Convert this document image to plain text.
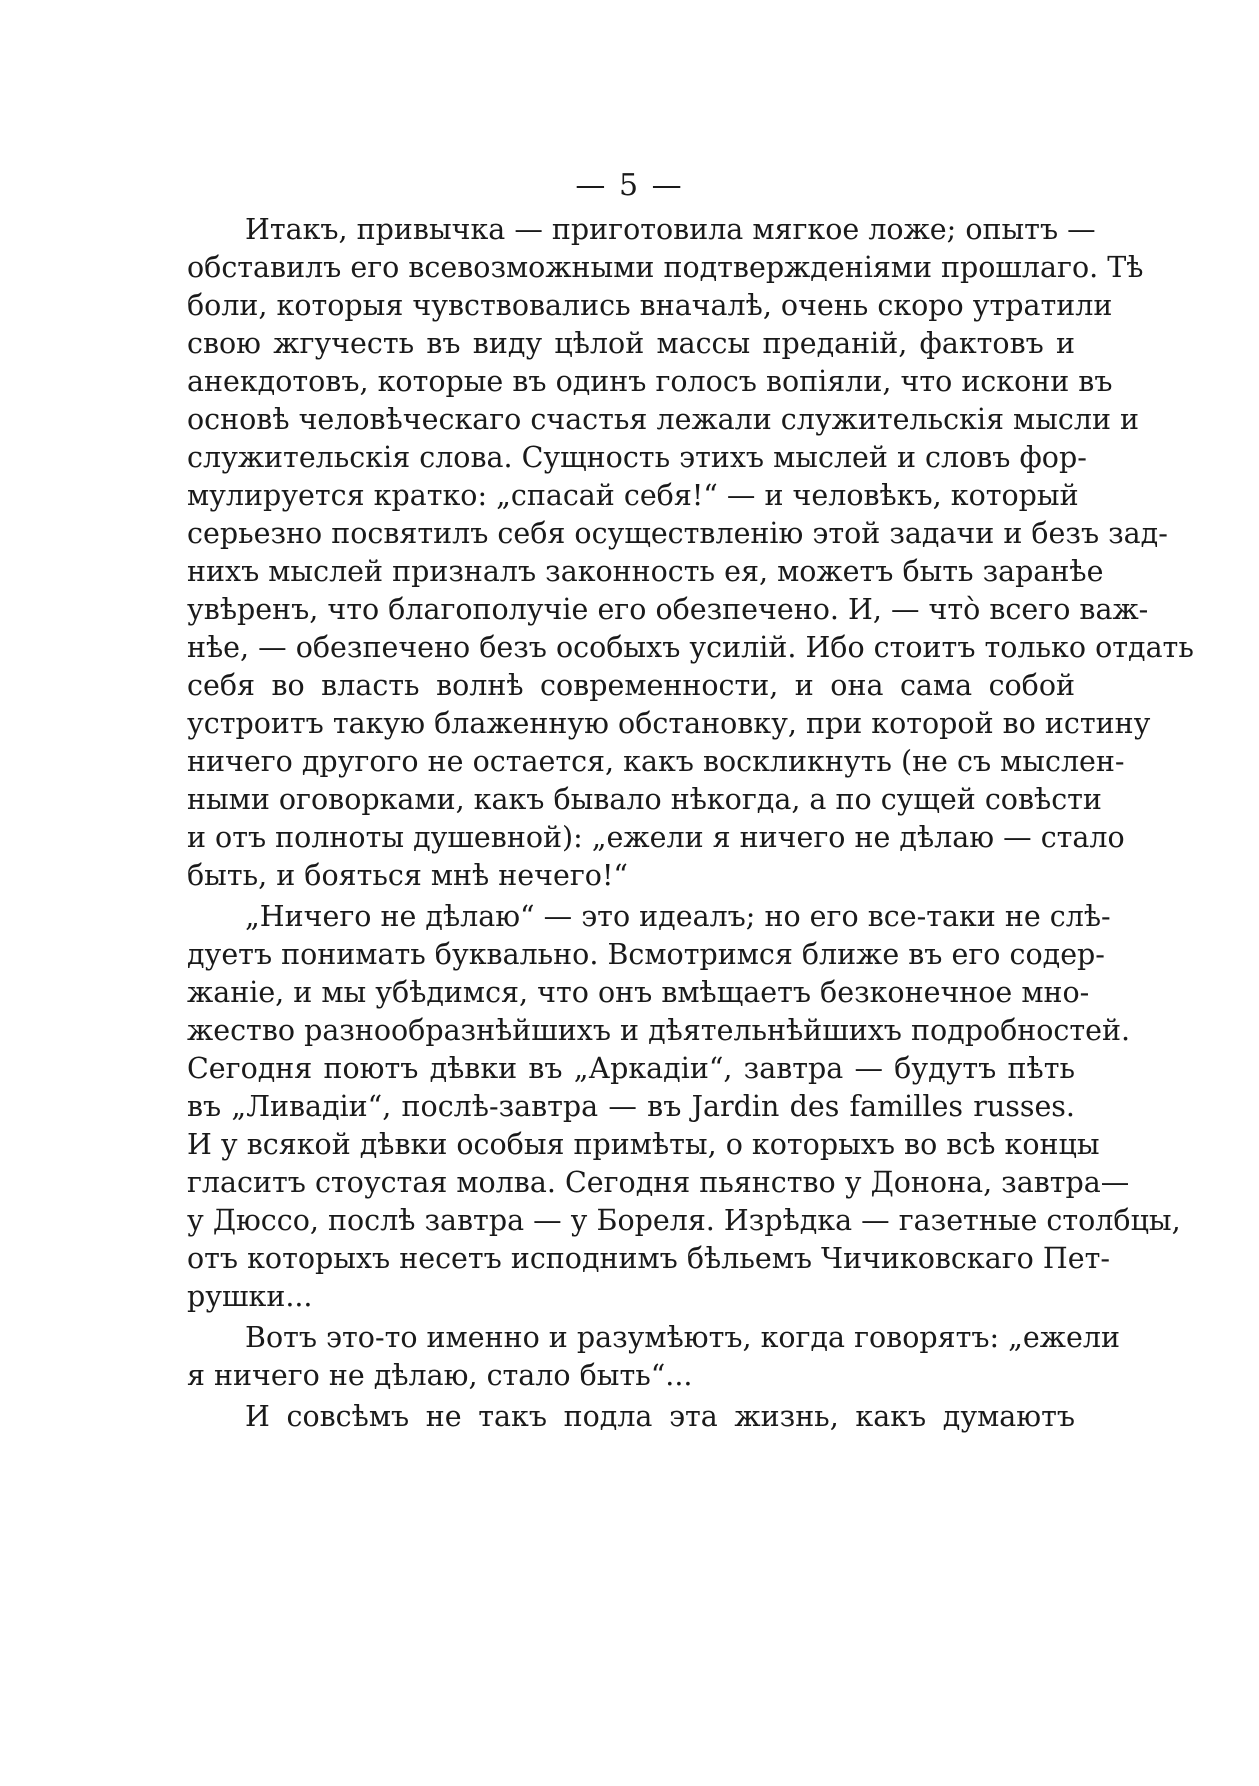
— 5 —
Итакъ, привычка — приготовила мягкое ложе; опытъ —
обставилъ его всевозможными подтвержденiями прошлаго. Тѣ
боли, которыя чувствовались вначалѣ, очень скоро утратили
свою жгучесть въ виду цѣлой массы преданiй, фактовъ и
анекдотовъ, которые въ одинъ голосъ вопiяли, что искони въ
основѣ человѣческаго счастья лежали служительскiя мысли и
служительскiя слова. Сущность этихъ мыслей и словъ фор-
мулируется кратко: „спасай себя!“ — и человѣкъ, который
серьезно посвятилъ себя осуществленiю этой задачи и безъ зад-
нихъ мыслей призналъ законность ея, можетъ быть заранѣе
увѣренъ, что благополучiе его обезпечено. И, — что̀ всего важ-
нѣе, — обезпечено безъ особыхъ усилiй. Ибо стоитъ только отдать
себя во власть волнѣ современности, и она сама собой
устроитъ такую блаженную обстановку, при которой во истину
ничего другого не остается, какъ воскликнуть (не съ мыслен-
ными оговорками, какъ бывало нѣкогда, а по сущей совѣсти
и отъ полноты душевной): „ежели я ничего не дѣлаю — стало
быть, и бояться мнѣ нечего!“
„Ничего не дѣлаю“ — это идеалъ; но его все-таки не слѣ-
дуетъ понимать буквально. Всмотримся ближе въ его содер-
жанiе, и мы убѣдимся, что онъ вмѣщаетъ безконечное мно-
жество разнообразнѣйшихъ и дѣятельнѣйшихъ подробностей.
Сегодня поютъ дѣвки въ „Аркадiи“, завтра — будутъ пѣть
въ „Ливадiи“, послѣ-завтра — въ Jardin des familles russes.
И у всякой дѣвки особыя примѣты, о которыхъ во всѣ концы
гласитъ стоустая молва. Сегодня пьянство у Донона, завтра—
у Дюссо, послѣ завтра — у Бореля. Изрѣдка — газетные столбцы,
отъ которыхъ несетъ исподнимъ бѣльемъ Чичиковскаго Пет-
рушки...
Вотъ это-то именно и разумѣютъ, когда говорятъ: „ежели
я ничего не дѣлаю, стало быть“...
И совсѣмъ не такъ подла эта жизнь, какъ думаютъ
